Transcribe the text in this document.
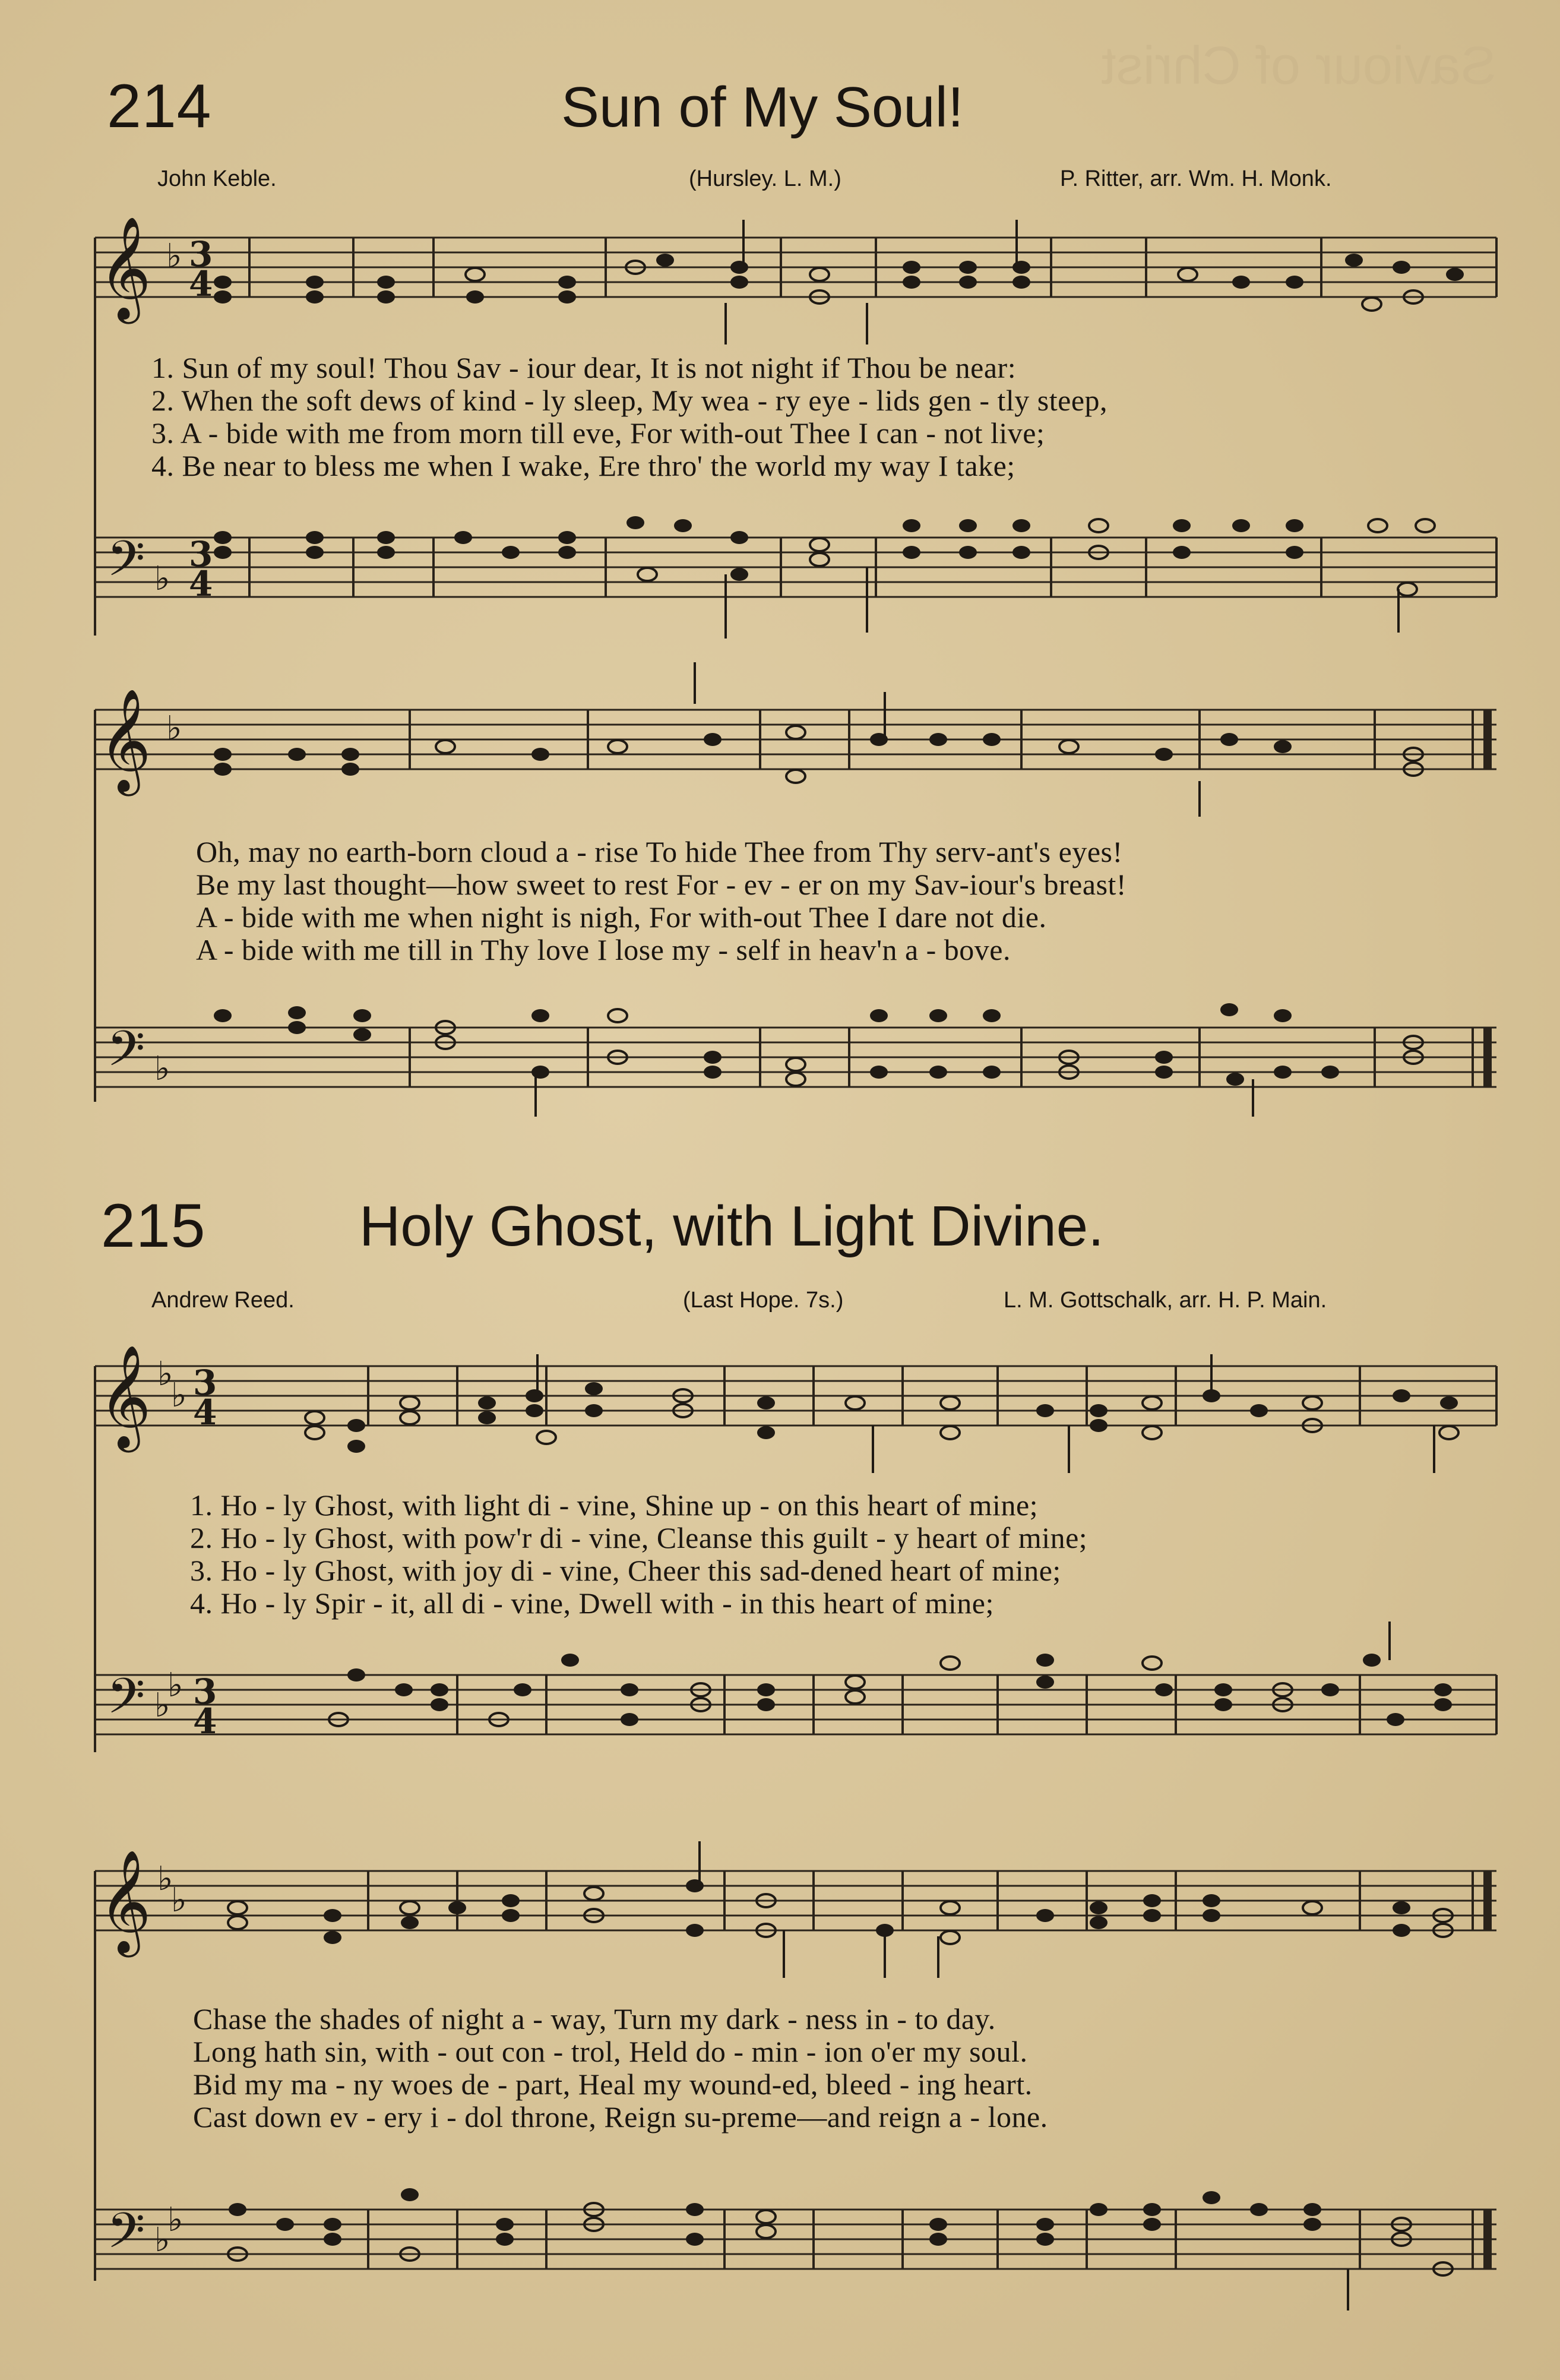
Saviour of Christ
214	Sun of My Soul!
John Keble.	(Hursley. L. M.)	P. Ritter, arr. Wm. H. Monk.
𝄞 ♭ 3
4
1. Sun of my soul! Thou Sav - iour dear, It is not night if Thou be near:
2. When the soft dews of kind - ly sleep, My wea - ry eye - lids gen - tly steep,
3. A - bide with me from morn till eve, For with-out Thee I can - not live;
4. Be near to bless me when I wake, Ere thro' the world my way I take;
𝄢 ♭
3
4
𝄞 ♭
Oh, may no earth-born cloud a - rise To hide Thee from Thy serv-ant's eyes!
Be my last thought—how sweet to rest For - ev - er on my Sav-iour's breast!
A - bide with me when night is nigh, For with-out Thee I dare not die.
A - bide with me till in Thy love I lose my - self in heav'n a - bove.
𝄢 ♭
215	Holy Ghost, with Light Divine.
Andrew Reed.	(Last Hope. 7s.)	L. M. Gottschalk, arr. H. P. Main.
𝄞 ♭
♭ 3
4
1. Ho - ly Ghost, with light di - vine, Shine up - on this heart of mine;
2. Ho - ly Ghost, with pow'r di - vine, Cleanse this guilt - y heart of mine;
3. Ho - ly Ghost, with joy di - vine, Cheer this sad-dened heart of mine;
4. Ho - ly Spir - it, all di - vine, Dwell with - in this heart of mine;
𝄢 ♭
♭ 3
4
𝄞 ♭
♭
Chase the shades of night a - way, Turn my dark - ness in - to day.
Long hath sin, with - out con - trol, Held do - min - ion o'er my soul.
Bid my ma - ny woes de - part, Heal my wound-ed, bleed - ing heart.
Cast down ev - ery i - dol throne, Reign su-preme—and reign a - lone.
𝄢 ♭
♭
